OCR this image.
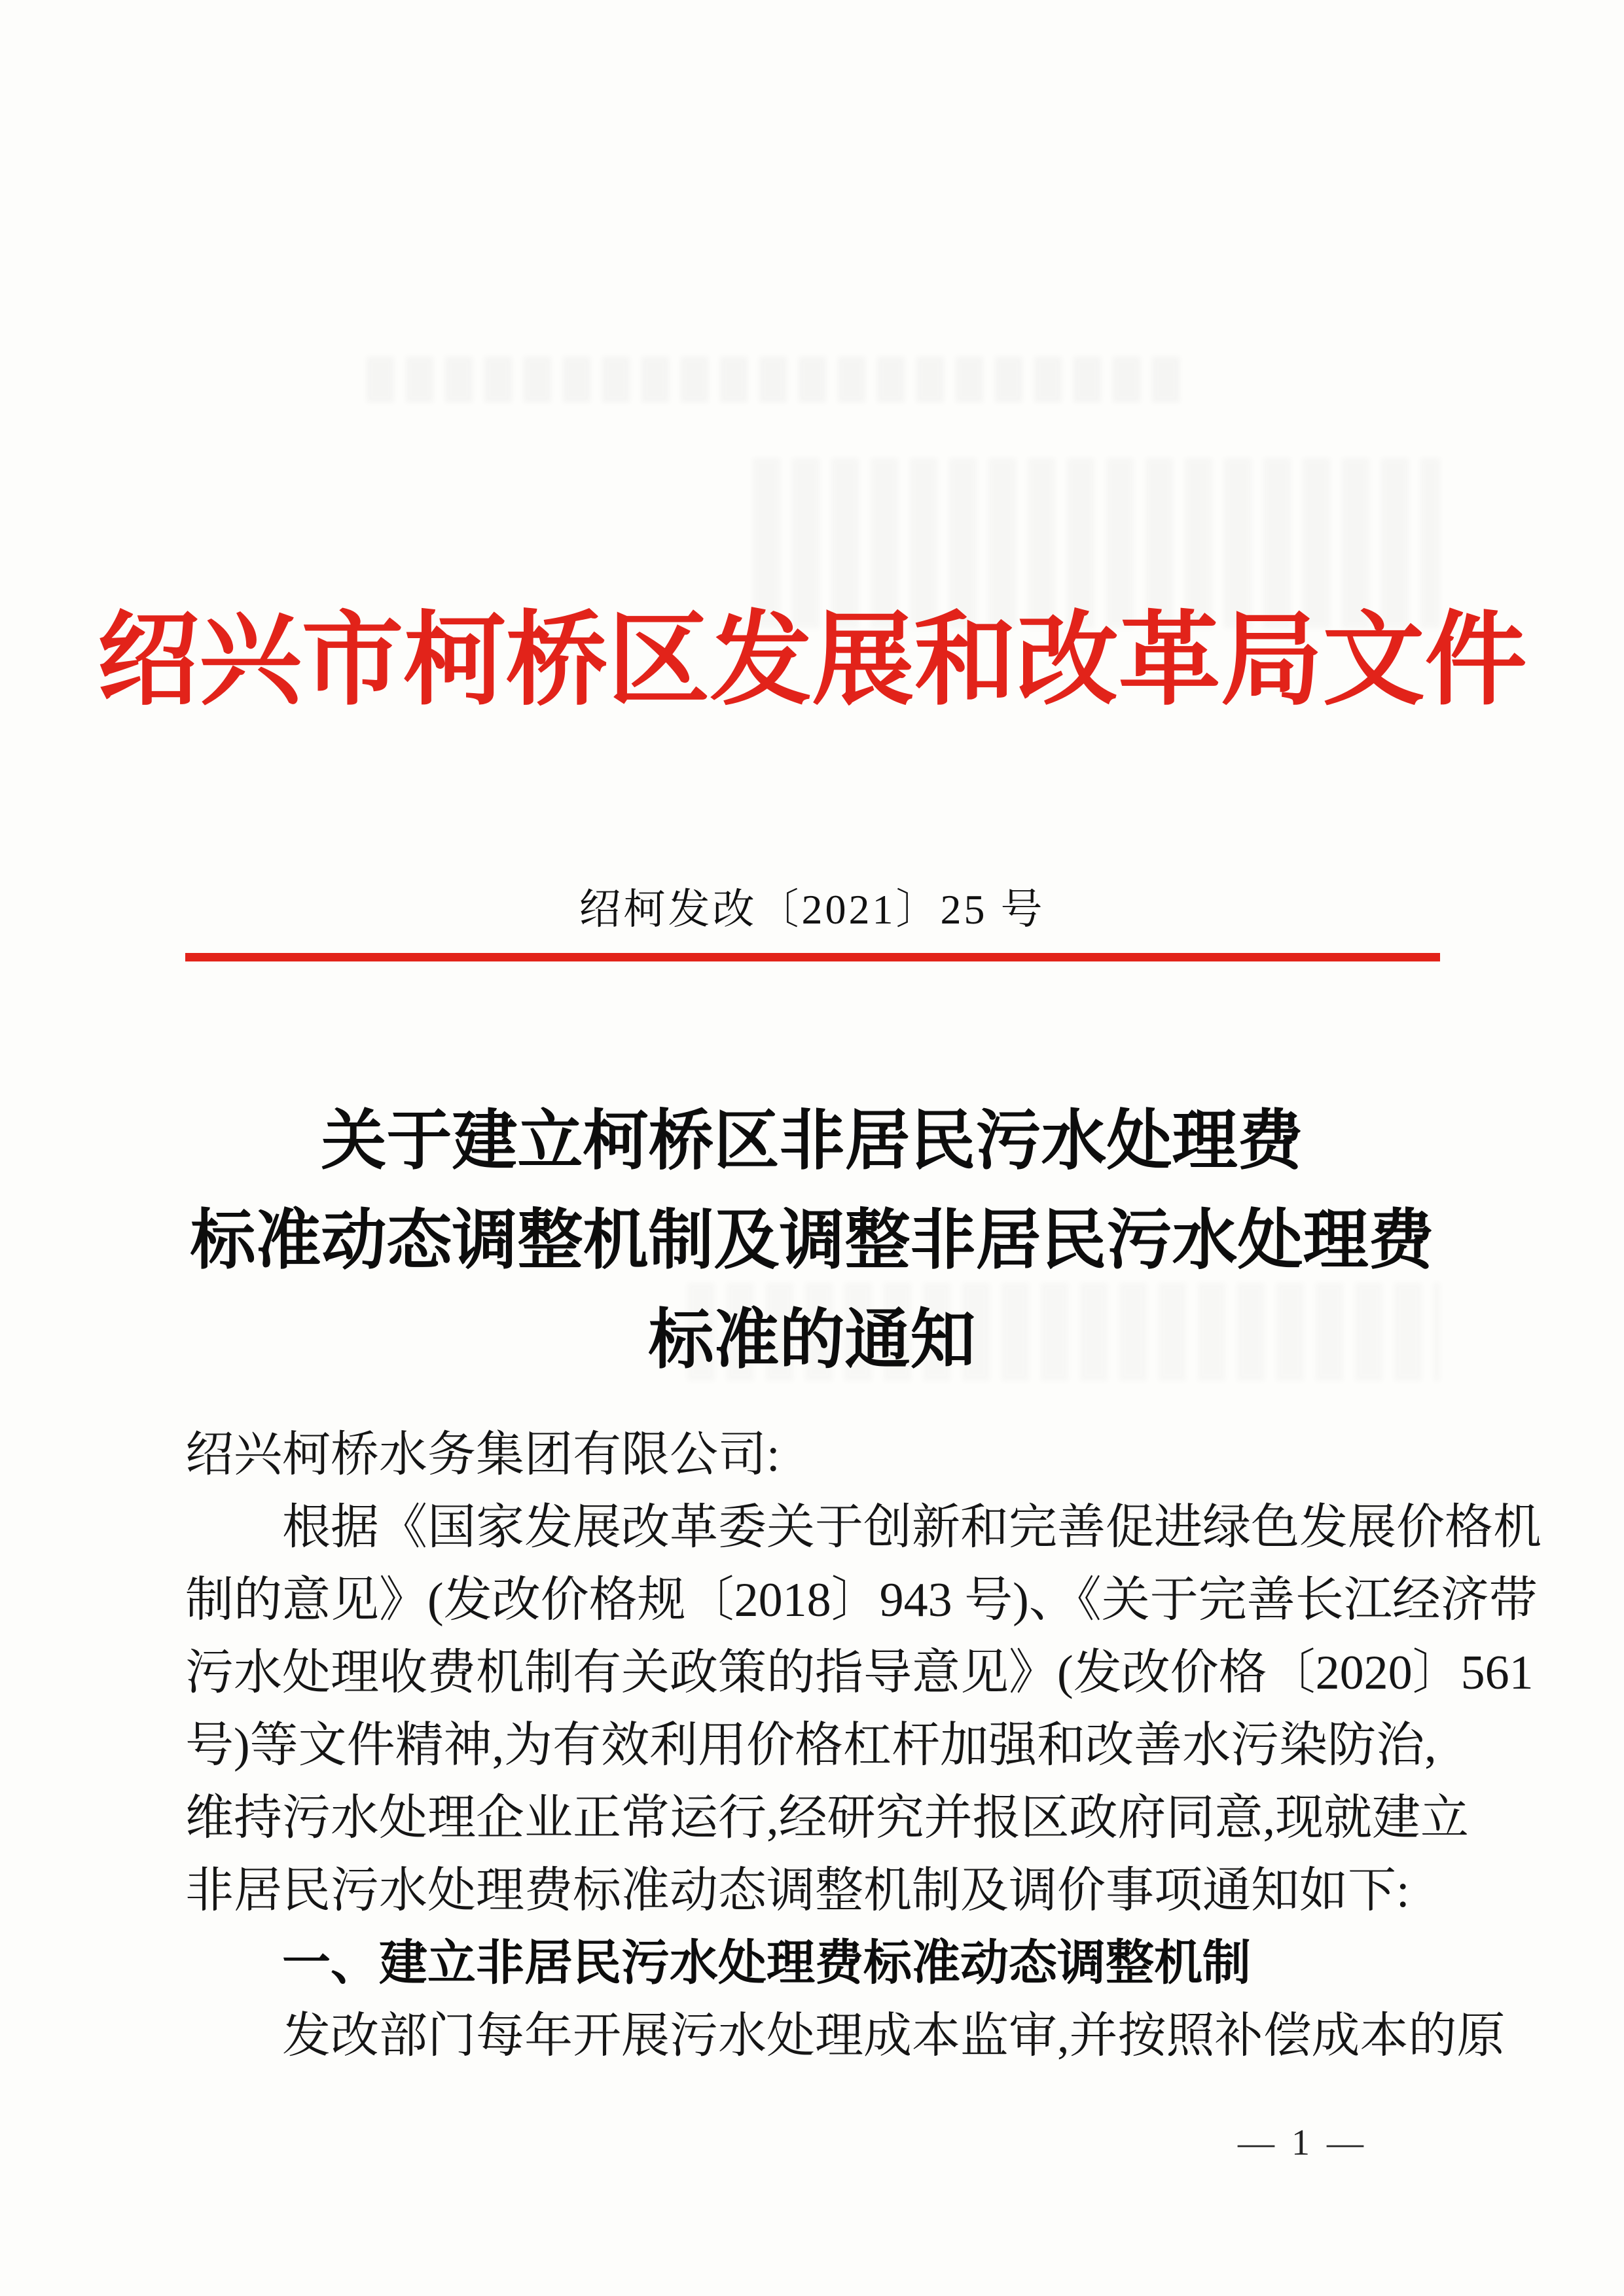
绍兴市柯桥区发展和改革局文件
绍柯发改〔2021〕25 号
关于建立柯桥区非居民污水处理费
标准动态调整机制及调整非居民污水处理费
标准的通知
绍兴柯桥水务集团有限公司:
根据《国家发展改革委关于创新和完善促进绿色发展价格机
制的意见》(发改价格规〔2018〕943 号)、《关于完善长江经济带
污水处理收费机制有关政策的指导意见》(发改价格〔2020〕561
号)等文件精神,为有效利用价格杠杆加强和改善水污染防治,
维持污水处理企业正常运行,经研究并报区政府同意,现就建立
非居民污水处理费标准动态调整机制及调价事项通知如下:
一、建立非居民污水处理费标准动态调整机制
发改部门每年开展污水处理成本监审,并按照补偿成本的原
— 1 —
